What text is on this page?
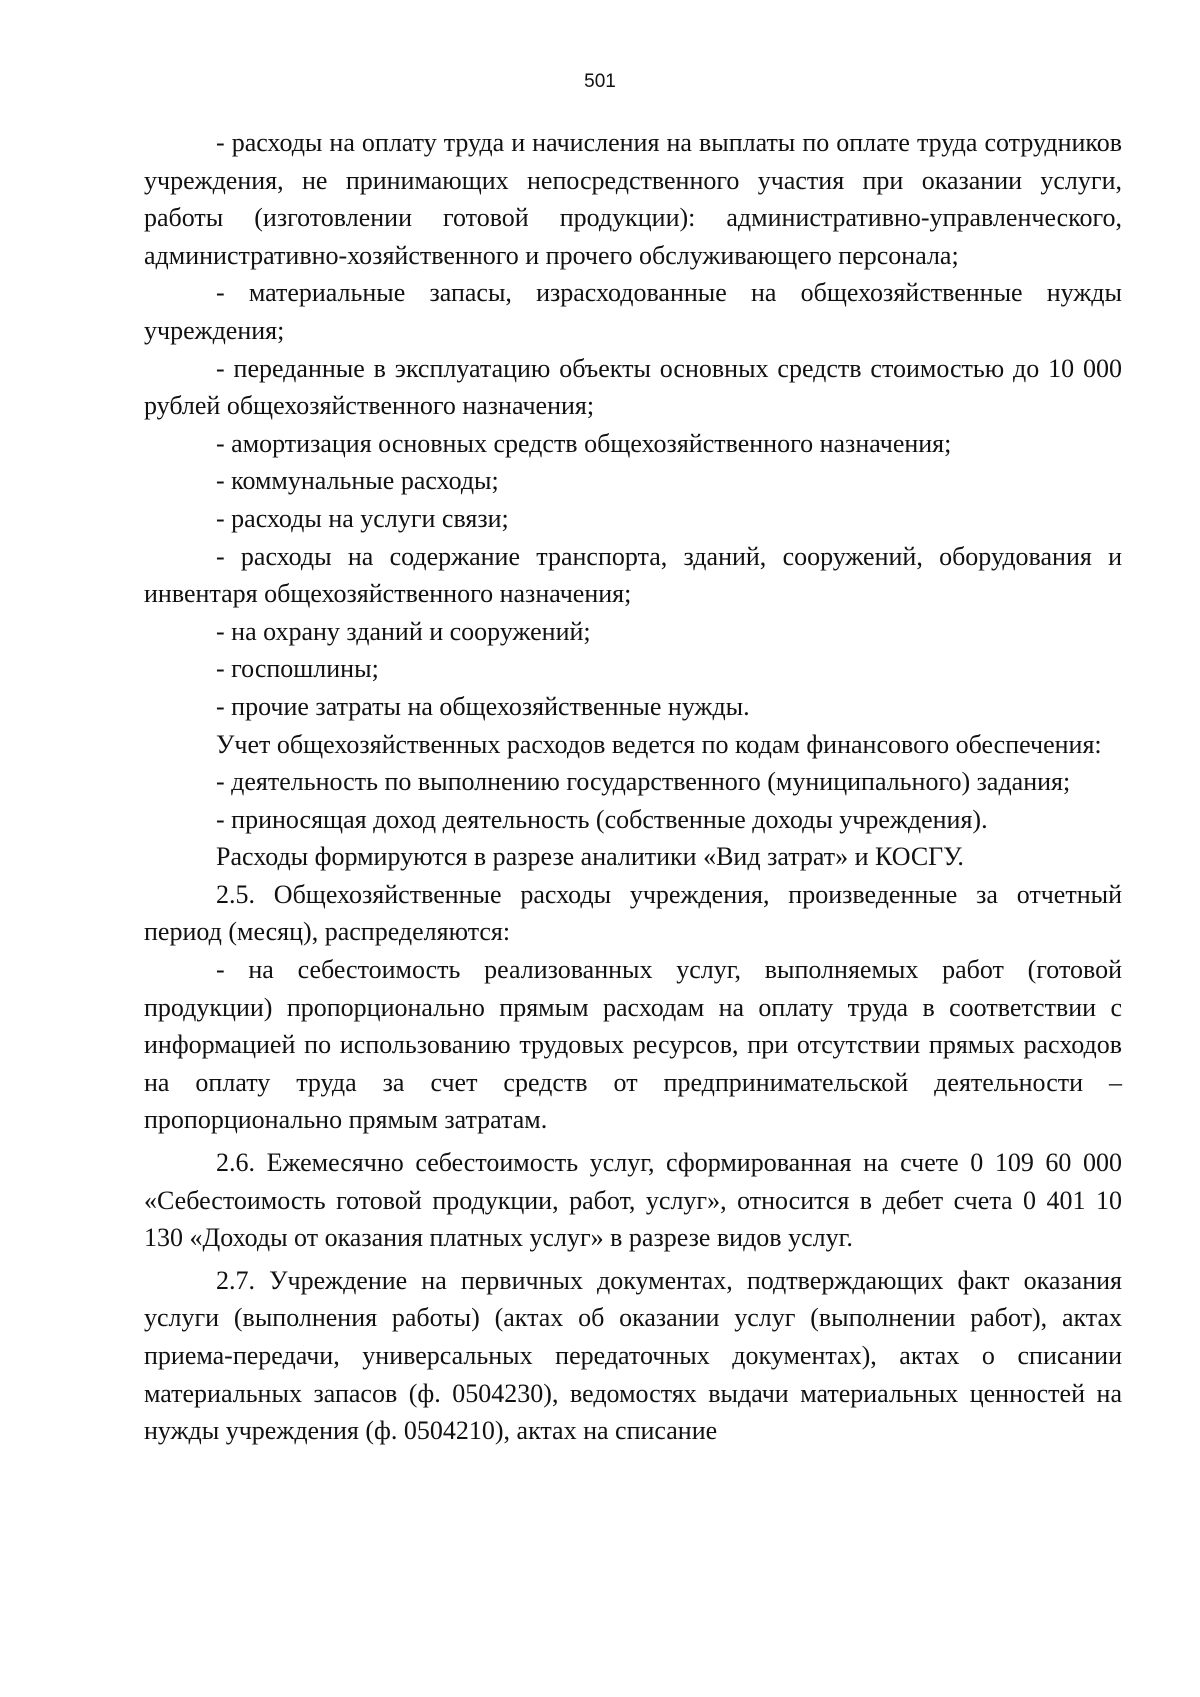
501

- расходы на оплату труда и начисления на выплаты по оплате труда сотрудников учреждения, не принимающих непосредственного участия при оказании услуги, работы (изготовлении готовой продукции): административно-управленческого, административно-хозяйственного и прочего обслуживающего персонала;

- материальные запасы, израсходованные на общехозяйственные нужды учреждения;

- переданные в эксплуатацию объекты основных средств стоимостью до 10 000 рублей общехозяйственного назначения;

- амортизация основных средств общехозяйственного назначения;

- коммунальные расходы;

- расходы на услуги связи;

- расходы на содержание транспорта, зданий, сооружений, оборудования и инвентаря общехозяйственного назначения;

- на охрану зданий и сооружений;

- госпошлины;

- прочие затраты на общехозяйственные нужды.

Учет общехозяйственных расходов ведется по кодам финансового обеспечения:

- деятельность по выполнению государственного (муниципального) задания;

- приносящая доход деятельность (собственные доходы учреждения).

Расходы формируются в разрезе аналитики «Вид затрат» и КОСГУ.

2.5. Общехозяйственные расходы учреждения, произведенные за отчетный период (месяц), распределяются:

- на себестоимость реализованных услуг, выполняемых работ (готовой продукции) пропорционально прямым расходам на оплату труда в соответствии с информацией по использованию трудовых ресурсов, при отсутствии прямых расходов на оплату труда за счет средств от предпринимательской деятельности – пропорционально прямым затратам.

2.6. Ежемесячно себестоимость услуг, сформированная на счете 0 109 60 000 «Себестоимость готовой продукции, работ, услуг», относится в дебет счета 0 401 10 130 «Доходы от оказания платных услуг» в разрезе видов услуг.

2.7. Учреждение на первичных документах, подтверждающих факт оказания услуги (выполнения работы) (актах об оказании услуг (выполнении работ), актах приема-передачи, универсальных передаточных документах), актах о списании материальных запасов (ф. 0504230), ведомостях выдачи материальных ценностей на нужды учреждения (ф. 0504210), актах на списание
